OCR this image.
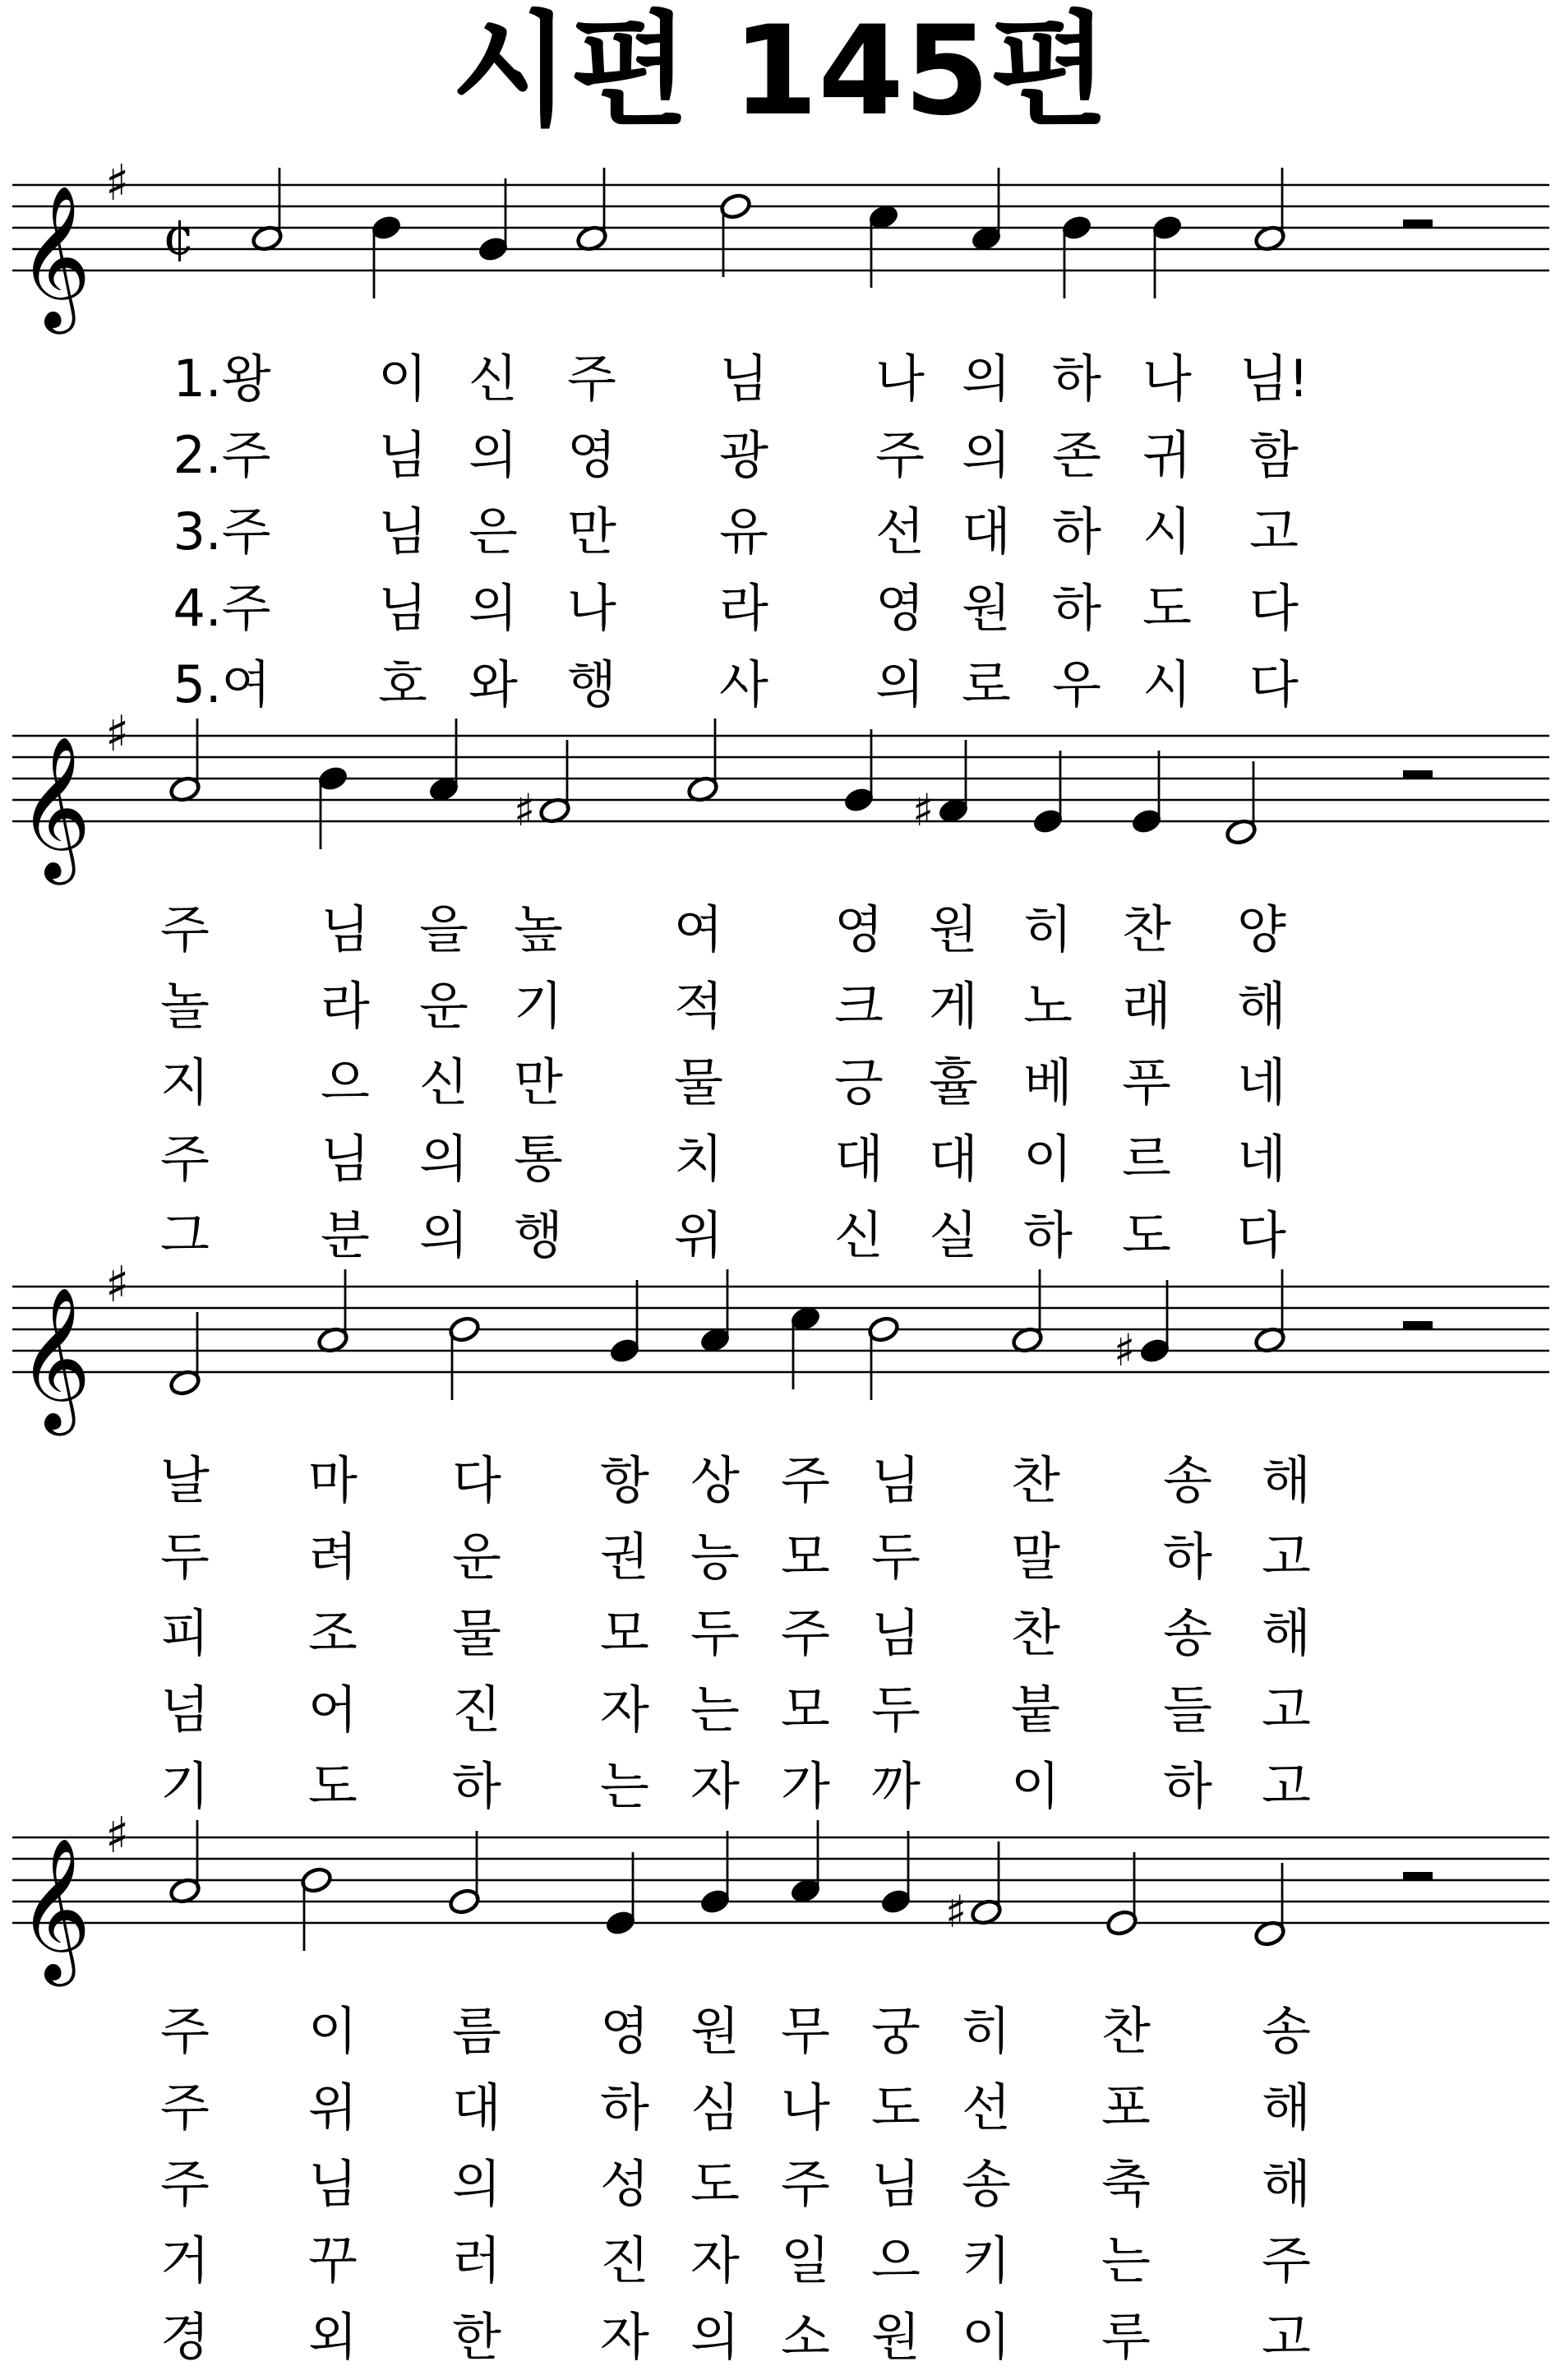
시편 145편
𝄞
♯
¢
1.왕 이 신 주 님 나 의 하 나 님!
2.주 님 의 영 광 주 의 존 귀 함
3.주 님 은 만 유 선 대 하 시 고
4.주 님 의 나 라 영 원 하 도 다
5.여 호 와 행 사 의 로 우 시 다
𝄞
♯
♯	♯
주 님 을 높 여 영 원 히 찬 양
놀 라 운 기 적 크 게 노 래 해
지 으 신 만 물 긍 휼 베 푸 네
주 님 의 통 치 대 대 이 르 네
그 분 의 행 위 신 실 하 도 다
𝄞
♯
♯
날 마 다 항 상 주 님 찬 송 해
두 려 운 권 능 모 두 말 하 고
피 조 물 모 두 주 님 찬 송 해
넘 어 진 자 는 모 두 붙 들 고
기 도 하 는 자 가 까 이 하 고
𝄞
♯
♯
주 이 름 영 원 무 궁 히 찬 송
주 위 대 하 심 나 도 선 포 해
주 님 의 성 도 주 님 송 축 해
거 꾸 러 진 자 일 으 키 는 주
경 외 한 자 의 소 원 이 루 고
